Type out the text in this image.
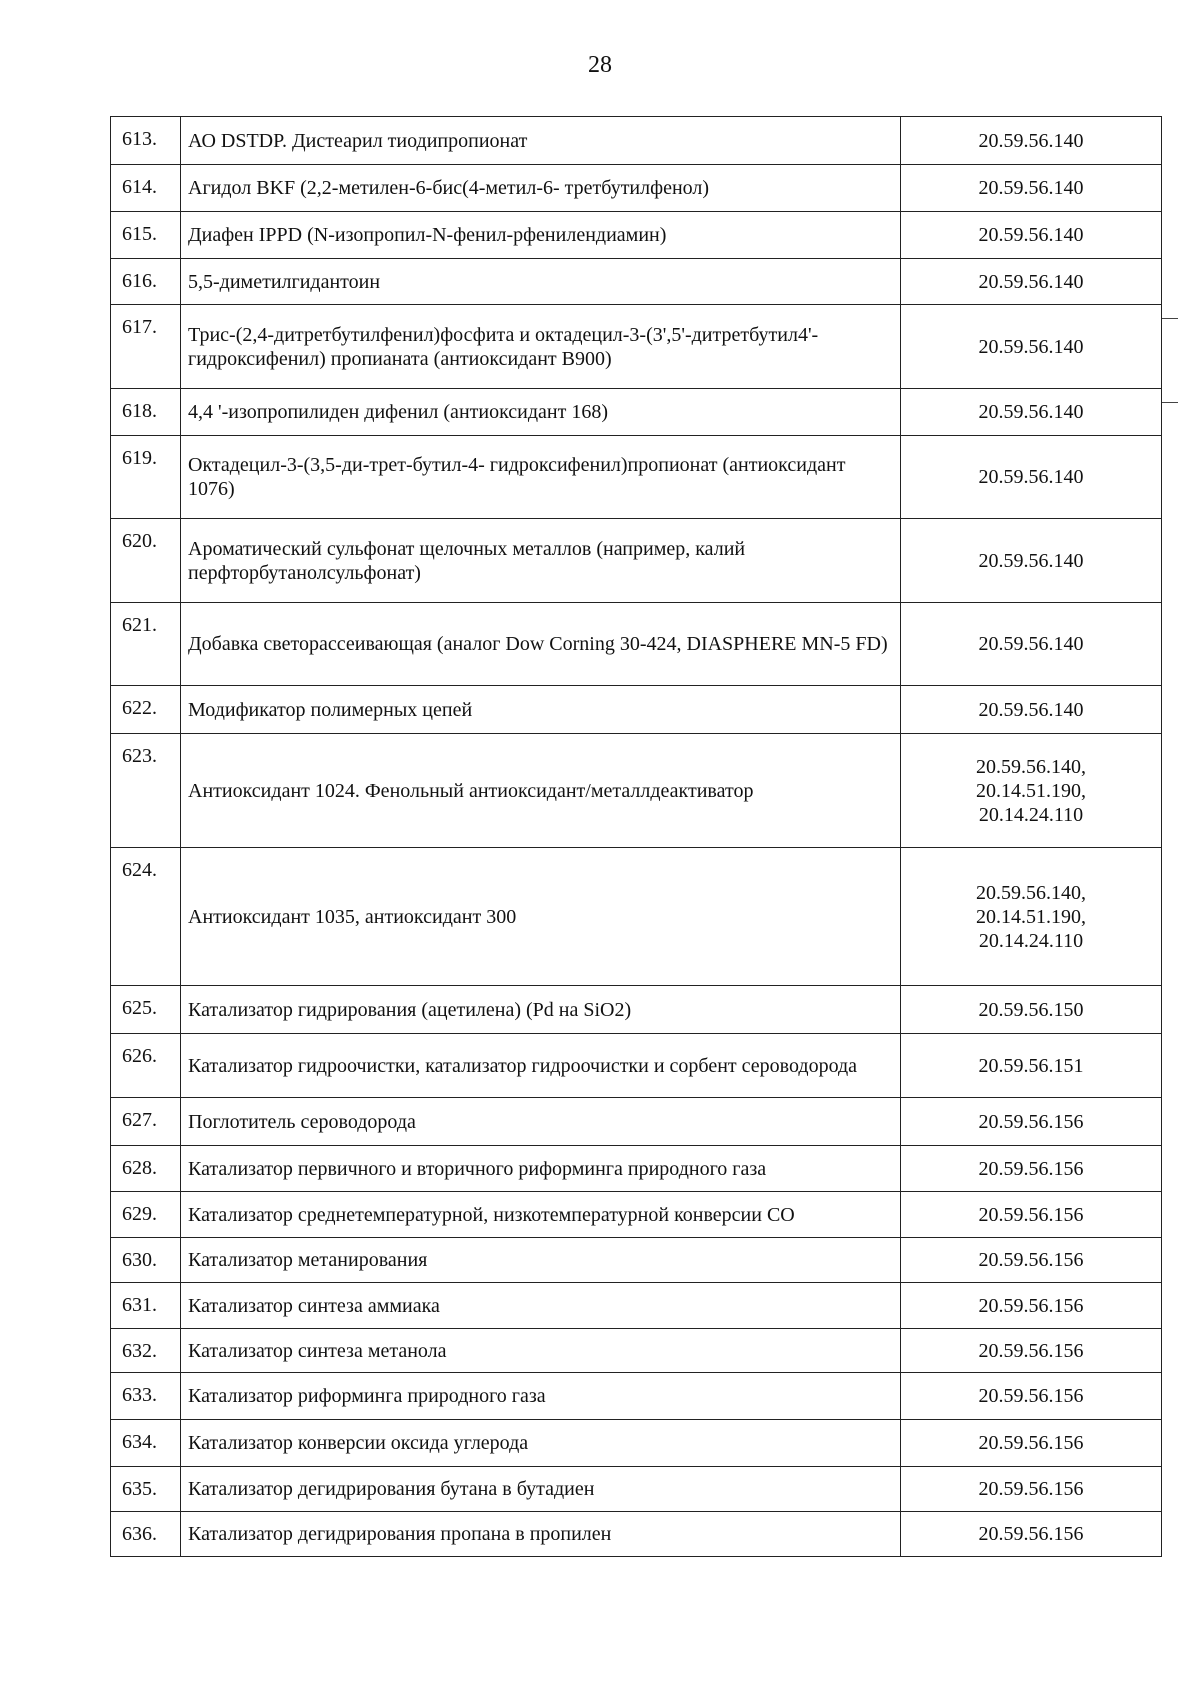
28
613.	АО DSTDP. Дистеарил тиодипропионат	20.59.56.140

614.	Агидол BKF (2,2-метилен-6-бис(4-метил-6- третбутилфенол)	20.59.56.140

615.	Диафен IPPD (N-изопропил-N-фенил-рфенилендиамин)	20.59.56.140

616.	5,5-диметилгидантоин	20.59.56.140

617.	Трис-(2,4-дитретбутилфенил)фосфита и октадецил-3-(3',5'-дитретбутил4'-гидроксифенил) пропианата (антиоксидант В900)	20.59.56.140

618.	4,4 '-изопропилиден дифенил (антиоксидант 168)	20.59.56.140

619.	Октадецил-3-(3,5-ди-трет-бутил-4- гидроксифенил)пропионат (антиоксидант 1076)	20.59.56.140

620.	Ароматический сульфонат щелочных металлов (например, калий перфторбутанолсульфонат)	20.59.56.140

621.	Добавка светорассеивающая (аналог Dow Corning 30-424, DIASPHERE MN-5 FD)	20.59.56.140

622.	Модификатор полимерных цепей	20.59.56.140

623.	Антиоксидант 1024. Фенольный антиоксидант/металлдеактиватор	20.59.56.140,
20.14.51.190,
20.14.24.110

624.	Антиоксидант 1035, антиоксидант 300	20.59.56.140,
20.14.51.190,
20.14.24.110

625.	Катализатор гидрирования (ацетилена) (Pd на SiO2)	20.59.56.150

626.	Катализатор гидроочистки, катализатор гидроочистки и сорбент сероводорода	20.59.56.151

627.	Поглотитель сероводорода	20.59.56.156

628.	Катализатор первичного и вторичного риформинга природного газа	20.59.56.156

629.	Катализатор среднетемпературной, низкотемпературной конверсии СО	20.59.56.156

630.	Катализатор метанирования	20.59.56.156

631.	Катализатор синтеза аммиака	20.59.56.156

632.	Катализатор синтеза метанола	20.59.56.156

633.	Катализатор риформинга природного газа	20.59.56.156

634.	Катализатор конверсии оксида углерода	20.59.56.156

635.	Катализатор дегидрирования бутана в бутадиен	20.59.56.156

636.	Катализатор дегидрирования пропана в пропилен	20.59.56.156
